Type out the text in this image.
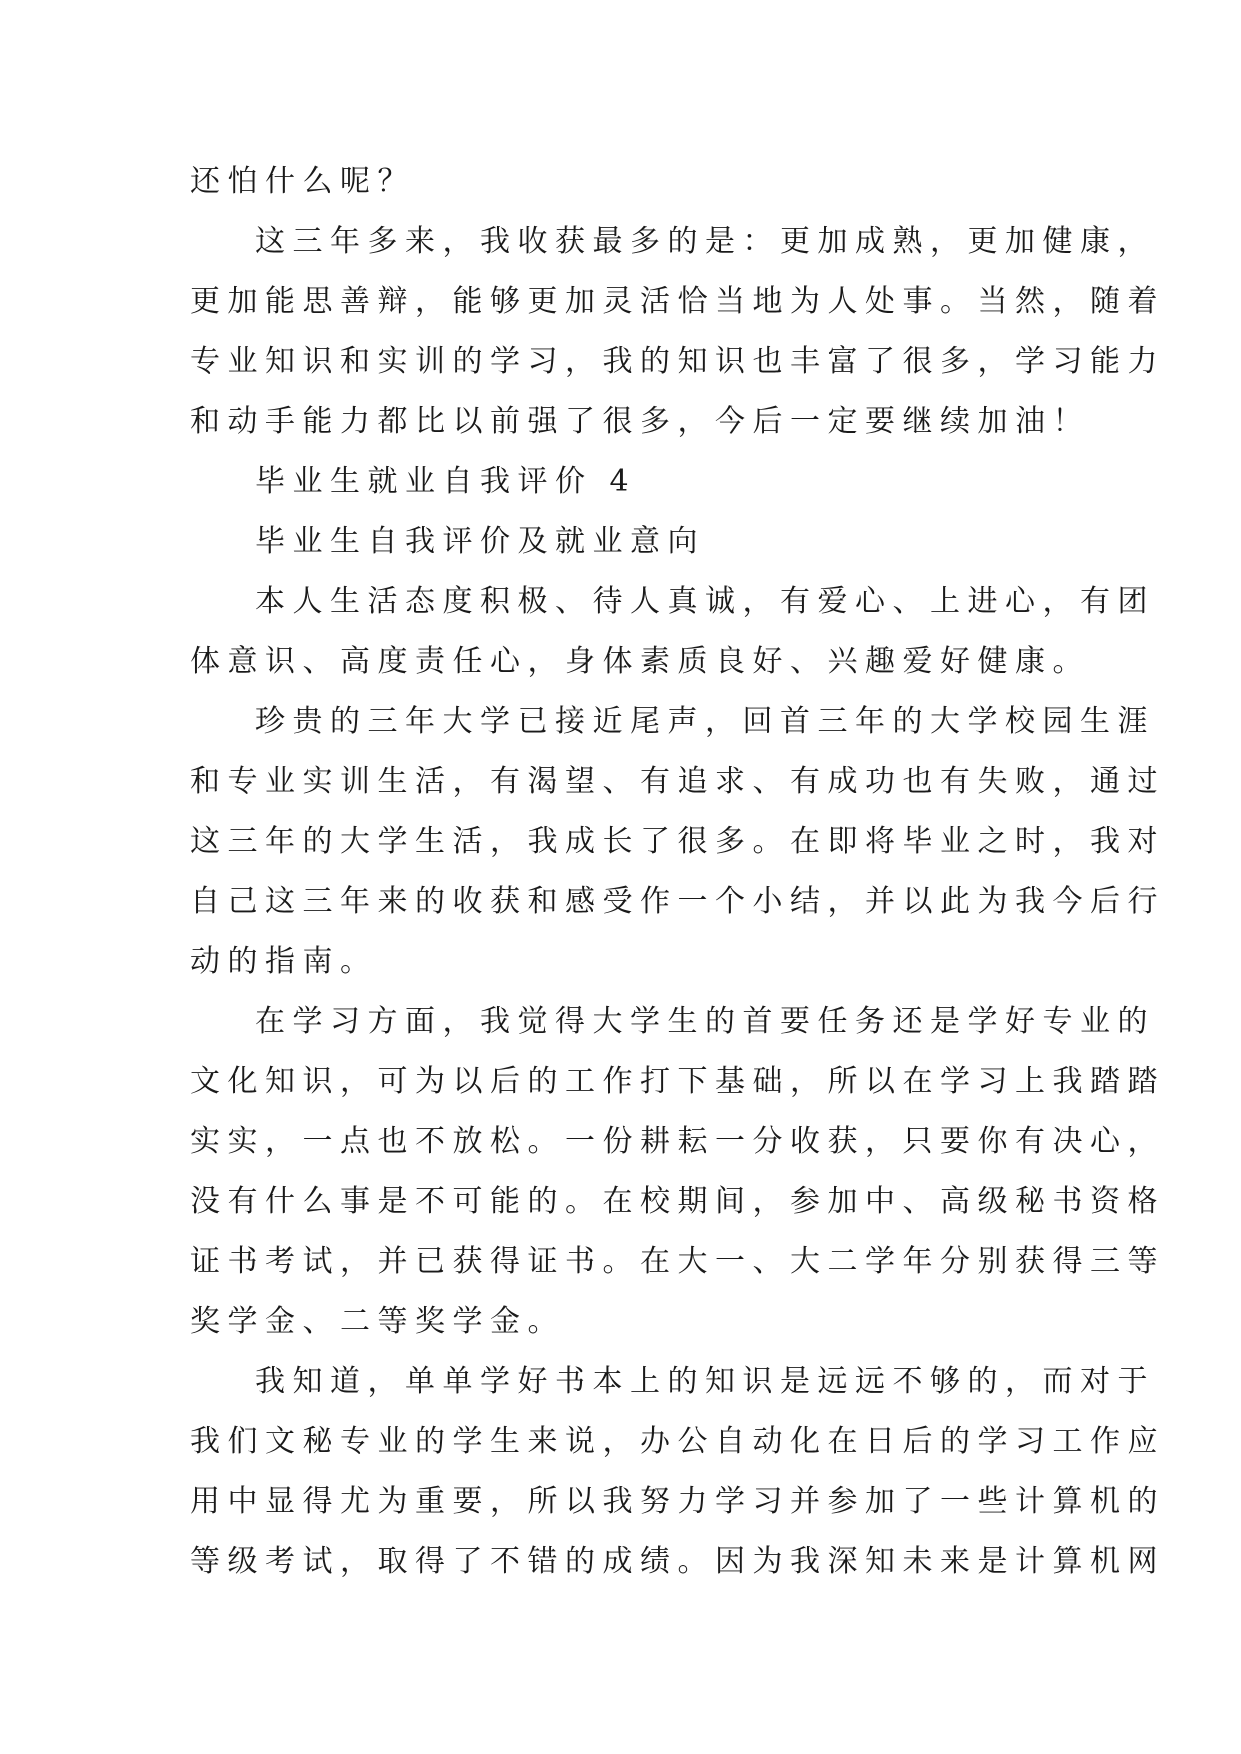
还怕什么呢？

这三年多来，我收获最多的是：更加成熟，更加健康，

更加能思善辩，能够更加灵活恰当地为人处事。当然，随着

专业知识和实训的学习，我的知识也丰富了很多，学习能力

和动手能力都比以前强了很多，今后一定要继续加油！

毕业生就业自我评价 4

毕业生自我评价及就业意向

本人生活态度积极、待人真诚，有爱心、上进心，有团

体意识、高度责任心，身体素质良好、兴趣爱好健康。

珍贵的三年大学已接近尾声，回首三年的大学校园生涯

和专业实训生活，有渴望、有追求、有成功也有失败，通过

这三年的大学生活，我成长了很多。在即将毕业之时，我对

自己这三年来的收获和感受作一个小结，并以此为我今后行

动的指南。

在学习方面，我觉得大学生的首要任务还是学好专业的

文化知识，可为以后的工作打下基础，所以在学习上我踏踏

实实，一点也不放松。一份耕耘一分收获，只要你有决心，

没有什么事是不可能的。在校期间，参加中、高级秘书资格

证书考试，并已获得证书。在大一、大二学年分别获得三等

奖学金、二等奖学金。

我知道，单单学好书本上的知识是远远不够的，而对于

我们文秘专业的学生来说，办公自动化在日后的学习工作应

用中显得尤为重要，所以我努力学习并参加了一些计算机的

等级考试，取得了不错的成绩。因为我深知未来是计算机网
